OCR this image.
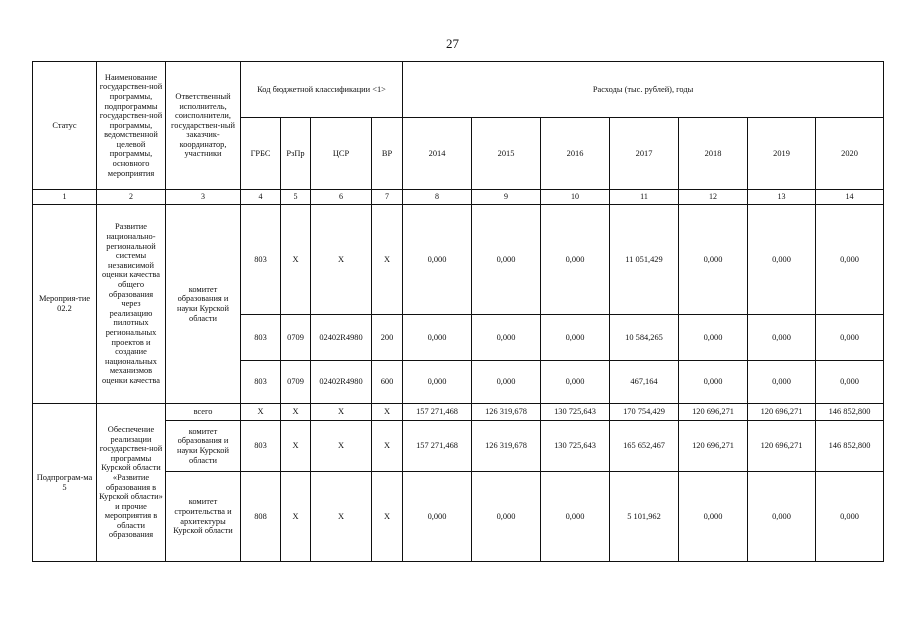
27
Статус	Наименование государствен-ной программы, подпрограммы государствен-ной программы, ведомственной целевой программы, основного мероприятия	Ответственный исполнитель, соисполнители, государствен-ный заказчик-координатор, участники	Код бюджетной классификации <1>				Расходы (тыс. рублей), годы						
			ГРБС	РзПр	ЦСР	ВР	2014	2015	2016	2017	2018	2019	2020
1	2	3	4	5	6	7	8	9	10	11	12	13	14
Мероприя-тие 02.2	Развитие национально-региональной системы независимой оценки качества общего образования через реализацию пилотных региональных проектов и создание национальных механизмов оценки качества	комитет образования и науки Курской области	803	X	X	X	0,000	0,000	0,000	11 051,429	0,000	0,000	0,000
			803	0709	02402R4980	200	0,000	0,000	0,000	10 584,265	0,000	0,000	0,000
			803	0709	02402R4980	600	0,000	0,000	0,000	467,164	0,000	0,000	0,000
Подпрограм-ма 5	Обеспечение реализации государствен-ной программы Курской области «Развитие образования в Курской области» и прочие мероприятия в области образования	всего	X	X	X	X	157 271,468	126 319,678	130 725,643	170 754,429	120 696,271	120 696,271	146 852,800
		комитет образования и науки Курской области	803	X	X	X	157 271,468	126 319,678	130 725,643	165 652,467	120 696,271	120 696,271	146 852,800
		комитет строительства и архитектуры Курской области	808	X	X	X	0,000	0,000	0,000	5 101,962	0,000	0,000	0,000
